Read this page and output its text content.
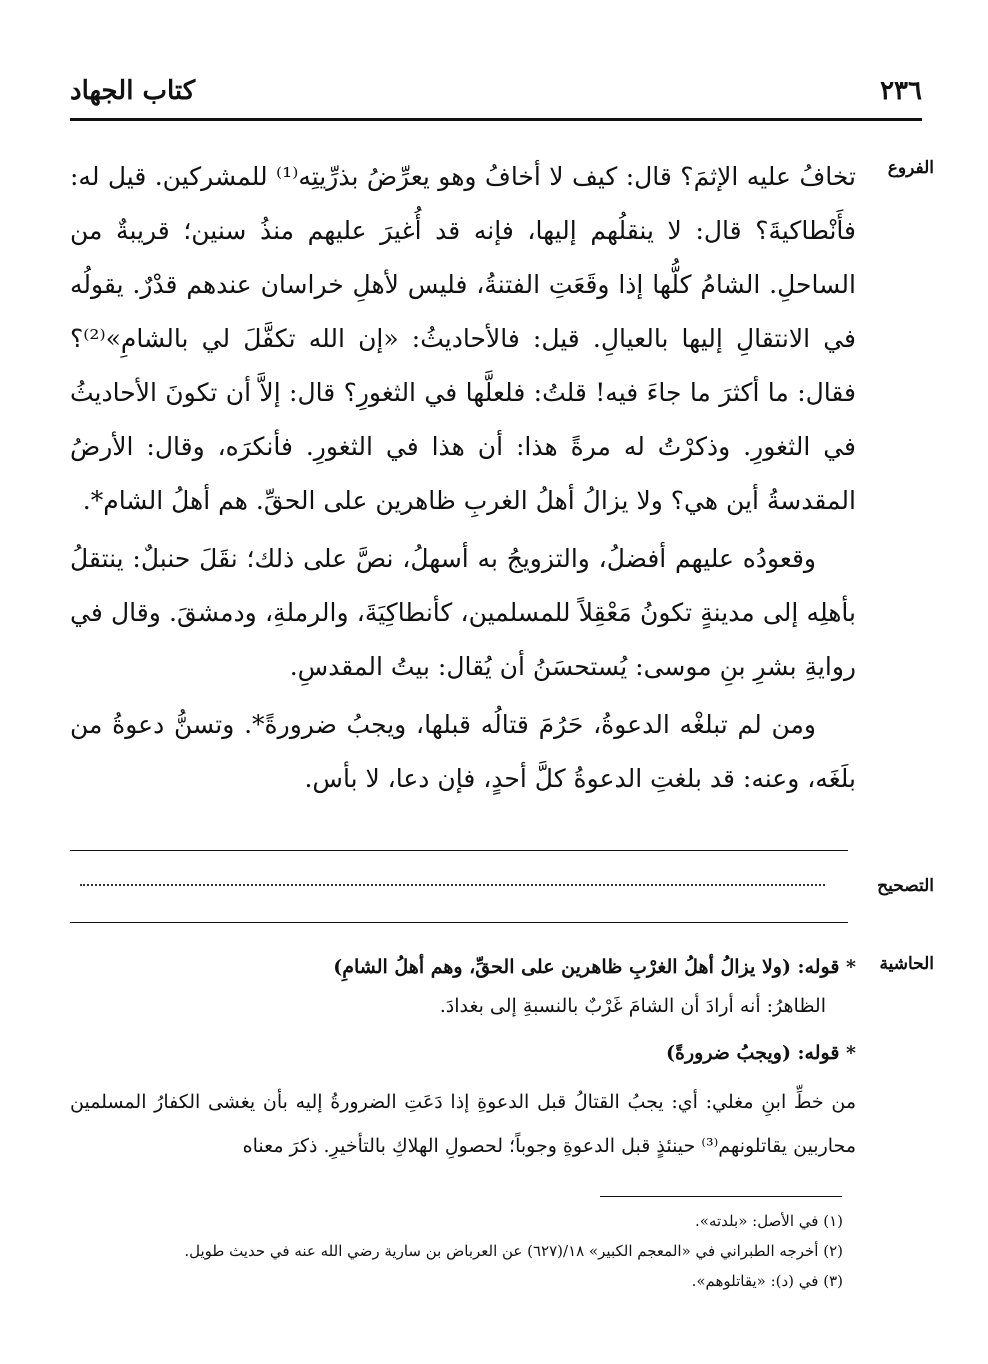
٢٣٦
كتاب الجهاد
الفروع

تخافُ عليه الإثمَ؟ قال: كيف لا أخافُ وهو يعرِّضُ بذرِّيتِه⁽¹⁾ للمشركين. قيل له: فأَنْطاكيةَ؟ قال: لا ينقلُهم إليها، فإنه قد أُغيرَ عليهم منذُ سنين؛ قريبةٌ من الساحلِ. الشامُ كلُّها إذا وقَعَتِ الفتنةُ، فليس لأهلِ خراسان عندهم قدْرٌ. يقولُه في الانتقالِ إليها بالعيالِ. قيل: فالأحاديثُ: «إن الله تكفَّلَ لي بالشامِ»⁽²⁾؟ فقال: ما أكثرَ ما جاءَ فيه! قلتُ: فلعلَّها في الثغورِ؟ قال: إلاَّ أن تكونَ الأحاديثُ في الثغورِ. وذكرْتُ له مرةً هذا: أن هذا في الثغورِ. فأنكرَه، وقال: الأرضُ المقدسةُ أين هي؟ ولا يزالُ أهلُ الغربِ ظاهرين على الحقِّ. هم أهلُ الشام*.

وقعودُه عليهم أفضلُ، والتزويجُ به أسهلُ، نصَّ على ذلك؛ نقَلَ حنبلٌ: ينتقلُ بأهلِه إلى مدينةٍ تكونُ مَعْقِلاً للمسلمين، كأنطاكِيَةَ، والرملةِ، ودمشقَ. وقال في روايةِ بشرِ بنِ موسى: يُستحسَنُ أن يُقال: بيتُ المقدسِ.

ومن لم تبلغْه الدعوةُ، حَرُمَ قتالُه قبلها، ويجبُ ضرورةً*. وتسنُّ دعوةُ من بلَغَه، وعنه: قد بلغتِ الدعوةُ كلَّ أحدٍ، فإن دعا، لا بأس.

التصحيح
الحاشية

* قوله: (ولا يزالُ أهلُ الغرْبِ ظاهرين على الحقِّ، وهم أهلُ الشامِ)

الظاهرُ: أنه أرادَ أن الشامَ غَرْبٌ بالنسبةِ إلى بغدادَ.

* قوله: (ويجبُ ضرورةً)

من خطِّ ابنِ مغلي: أي: يجبُ القتالُ قبل الدعوةِ إذا دَعَتِ الضرورةُ إليه بأن يغشى الكفارُ المسلمين محاربين يقاتلونهم⁽³⁾ حينئذٍ قبل الدعوةِ وجوباً؛ لحصولِ الهلاكِ بالتأخيرِ. ذكرَ معناه

(١) في الأصل: «بلدته».
(٢) أخرجه الطبراني في «المعجم الكبير» ١٨/(٦٢٧) عن العرباض بن سارية رضي الله عنه في حديث طويل.
(٣) في (د): «يقاتلوهم».
